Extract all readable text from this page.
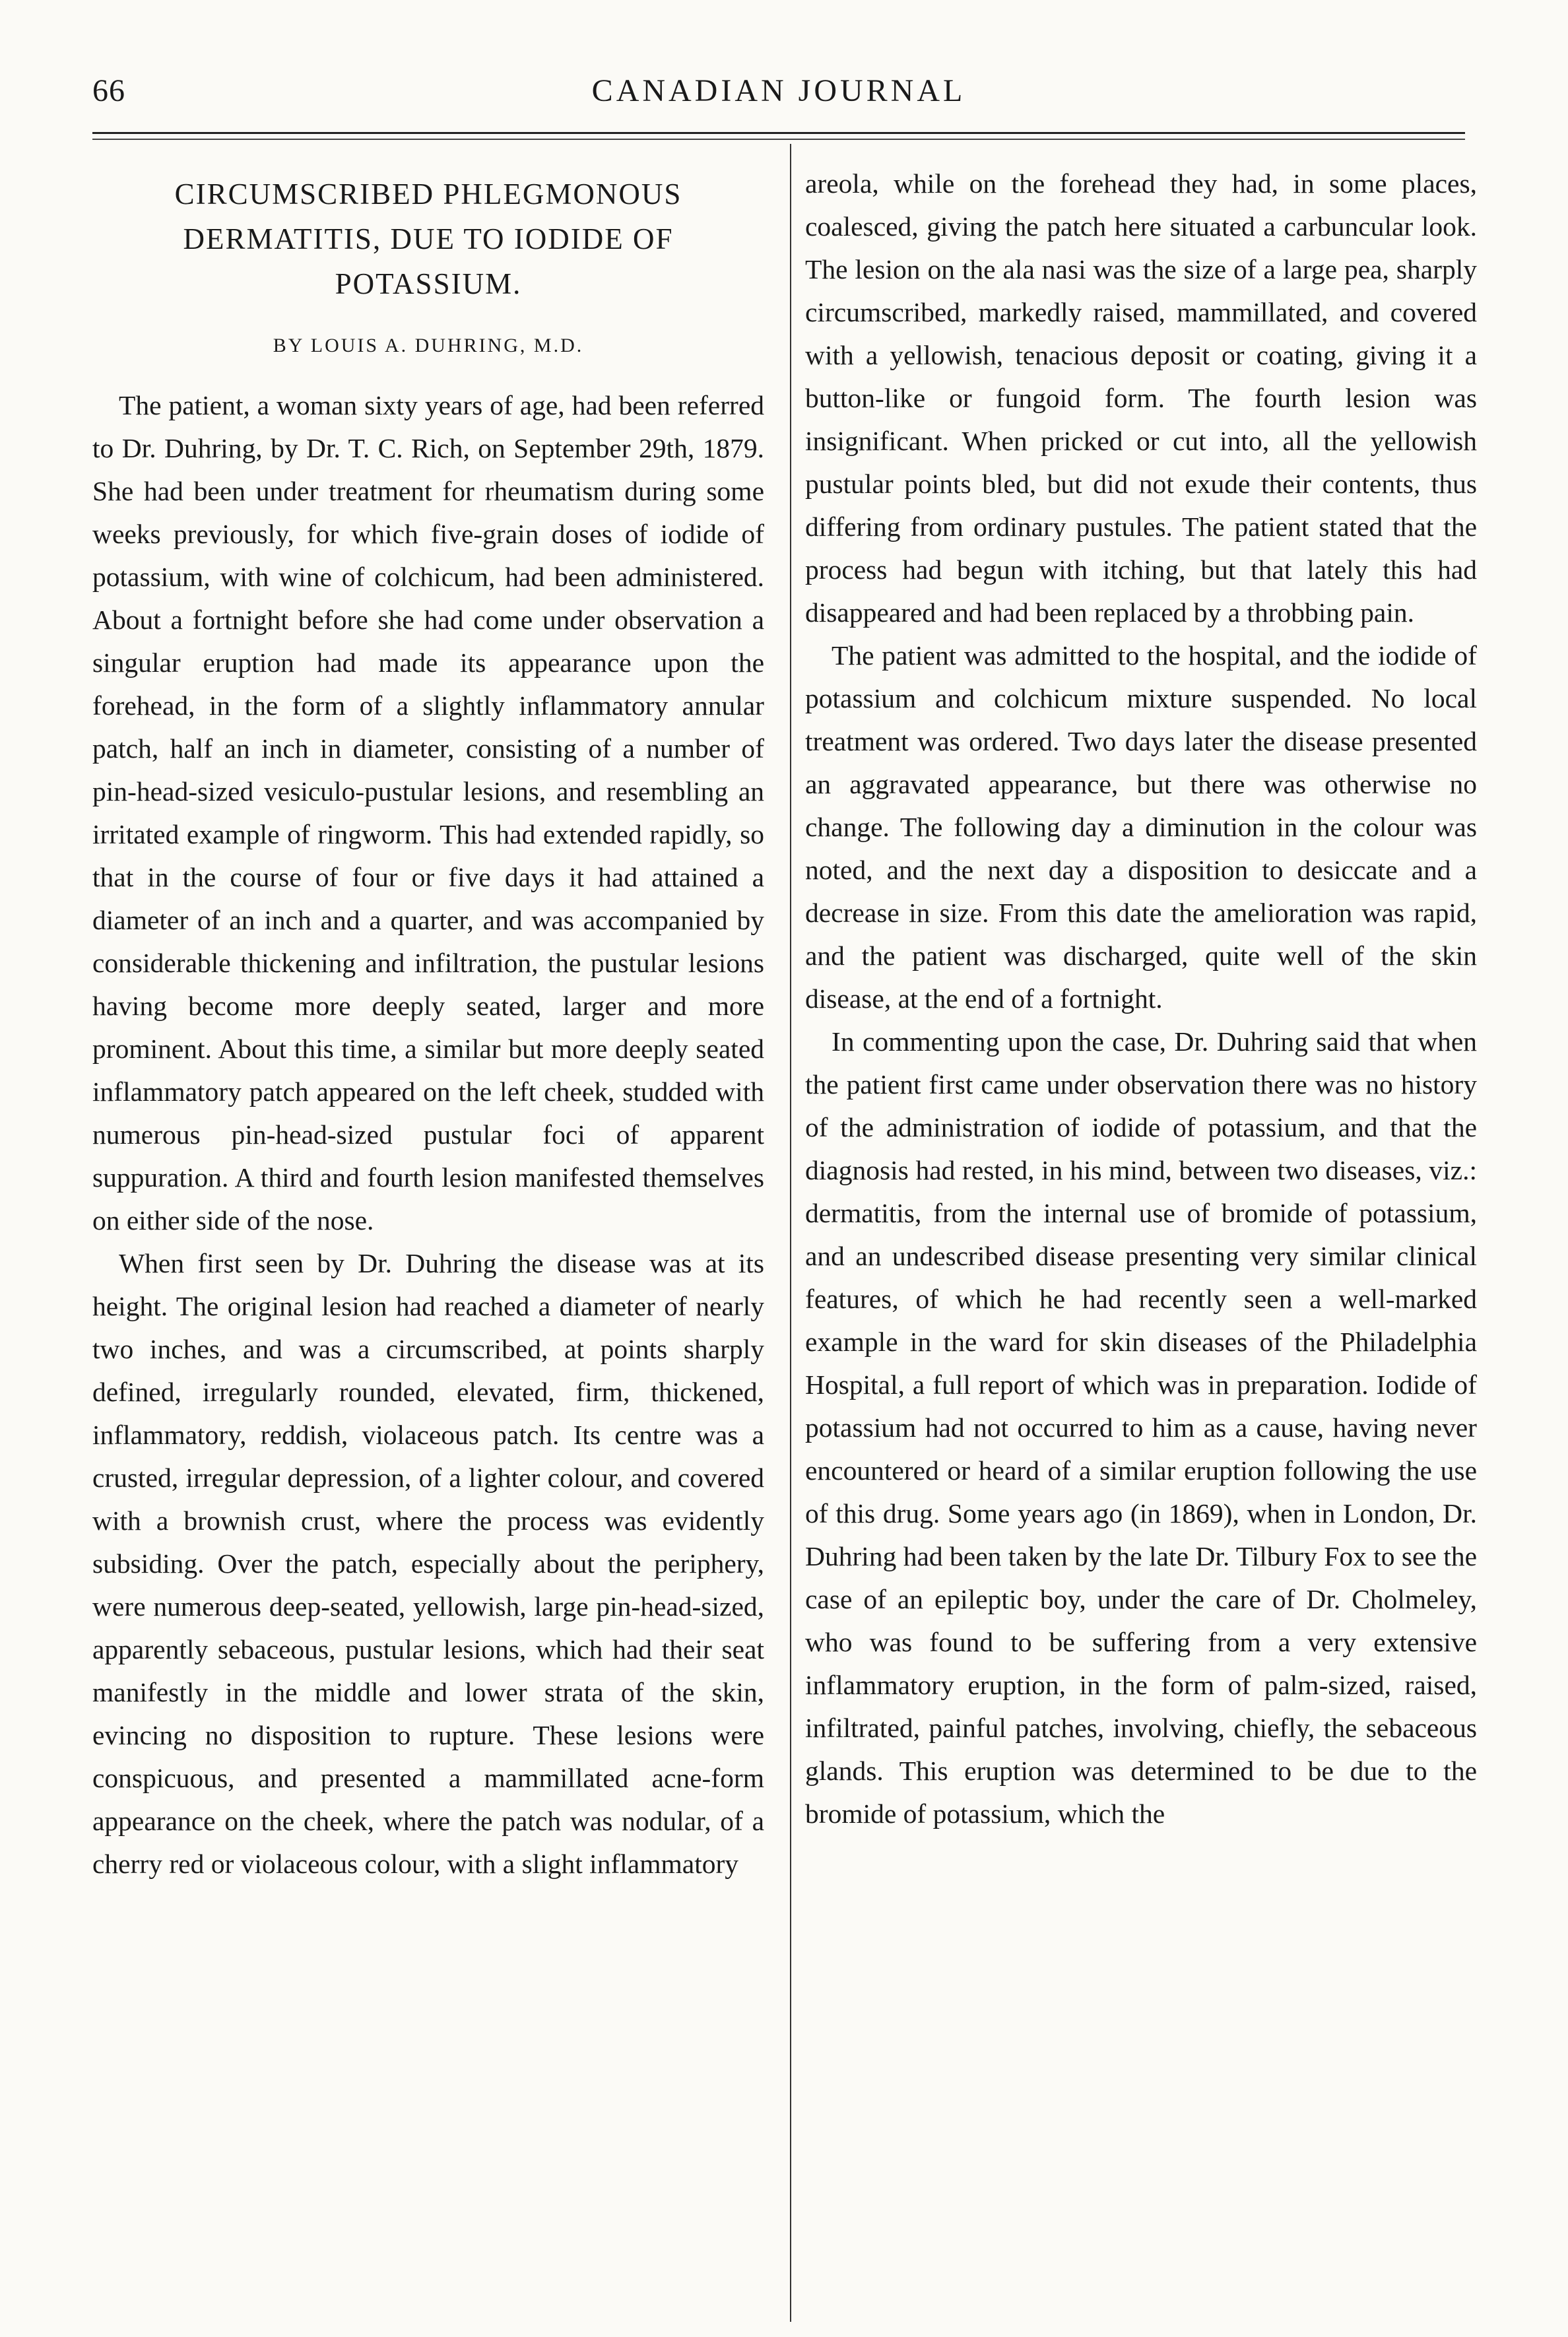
66	CANADIAN JOURNAL
CIRCUMSCRIBED PHLEGMONOUS DERMATITIS, DUE TO IODIDE OF POTASSIUM.
BY LOUIS A. DUHRING, M.D.

The patient, a woman sixty years of age, had been referred to Dr. Duhring, by Dr. T. C. Rich, on September 29th, 1879. She had been under treatment for rheumatism during some weeks previously, for which five-grain doses of iodide of potassium, with wine of colchicum, had been administered. About a fortnight before she had come under observation a singular eruption had made its appearance upon the forehead, in the form of a slightly inflammatory annular patch, half an inch in diameter, consisting of a number of pin-head-sized vesiculo-pustular lesions, and resembling an irritated example of ringworm. This had extended rapidly, so that in the course of four or five days it had attained a diameter of an inch and a quarter, and was accompanied by considerable thickening and infiltration, the pustular lesions having become more deeply seated, larger and more prominent. About this time, a similar but more deeply seated inflammatory patch appeared on the left cheek, studded with numerous pin-head-sized pustular foci of apparent suppuration. A third and fourth lesion manifested themselves on either side of the nose.

When first seen by Dr. Duhring the disease was at its height. The original lesion had reached a diameter of nearly two inches, and was a circumscribed, at points sharply defined, irregularly rounded, elevated, firm, thickened, inflammatory, reddish, violaceous patch. Its centre was a crusted, irregular depression, of a lighter colour, and covered with a brownish crust, where the process was evidently subsiding. Over the patch, especially about the periphery, were numerous deep-seated, yellowish, large pin-head-sized, apparently sebaceous, pustular lesions, which had their seat manifestly in the middle and lower strata of the skin, evincing no disposition to rupture. These lesions were conspicuous, and presented a mammillated acne-form appearance on the cheek, where the patch was nodular, of a cherry red or violaceous colour, with a slight inflammatory

areola, while on the forehead they had, in some places, coalesced, giving the patch here situated a carbuncular look. The lesion on the ala nasi was the size of a large pea, sharply circumscribed, markedly raised, mammillated, and covered with a yellowish, tenacious deposit or coating, giving it a button-like or fungoid form. The fourth lesion was insignificant. When pricked or cut into, all the yellowish pustular points bled, but did not exude their contents, thus differing from ordinary pustules. The patient stated that the process had begun with itching, but that lately this had disappeared and had been replaced by a throbbing pain.

The patient was admitted to the hospital, and the iodide of potassium and colchicum mixture suspended. No local treatment was ordered. Two days later the disease presented an aggravated appearance, but there was otherwise no change. The following day a diminution in the colour was noted, and the next day a disposition to desiccate and a decrease in size. From this date the amelioration was rapid, and the patient was discharged, quite well of the skin disease, at the end of a fortnight.

In commenting upon the case, Dr. Duhring said that when the patient first came under observation there was no history of the administration of iodide of potassium, and that the diagnosis had rested, in his mind, between two diseases, viz.: dermatitis, from the internal use of bromide of potassium, and an undescribed disease presenting very similar clinical features, of which he had recently seen a well-marked example in the ward for skin diseases of the Philadelphia Hospital, a full report of which was in preparation. Iodide of potassium had not occurred to him as a cause, having never encountered or heard of a similar eruption following the use of this drug. Some years ago (in 1869), when in London, Dr. Duhring had been taken by the late Dr. Tilbury Fox to see the case of an epileptic boy, under the care of Dr. Cholmeley, who was found to be suffering from a very extensive inflammatory eruption, in the form of palm-sized, raised, infiltrated, painful patches, involving, chiefly, the sebaceous glands. This eruption was determined to be due to the bromide of potassium, which the
